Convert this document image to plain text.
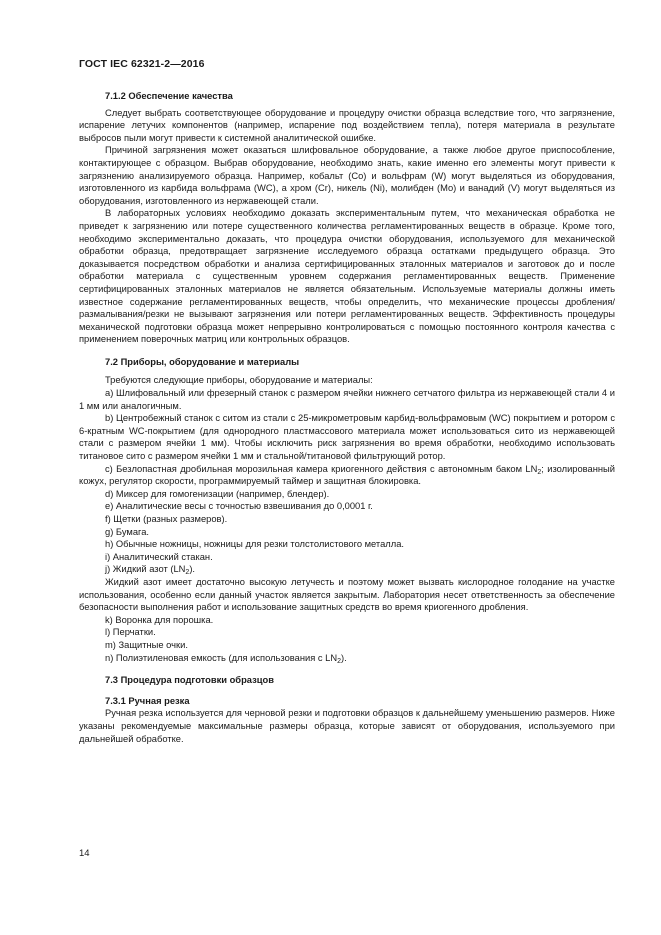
ГОСТ IEC 62321-2—2016

7.1.2 Обеспечение качества

Следует выбрать соответствующее оборудование и процедуру очистки образца вследствие того, что загрязнение, испарение летучих компонентов (например, испарение под воздействием тепла), потеря материала в результате выбросов пыли могут привести к системной аналитической ошибке.

Причиной загрязнения может оказаться шлифовальное оборудование, а также любое другое приспособление, контактирующее с образцом. Выбрав оборудование, необходимо знать, какие именно его элементы могут привести к загрязнению анализируемого образца. Например, кобальт (Co) и вольфрам (W) могут выделяться из оборудования, изготовленного из карбида вольфрама (WC), а хром (Cr), никель (Ni), молибден (Mo) и ванадий (V) могут выделяться из оборудования, изготовленного из нержавеющей стали.

В лабораторных условиях необходимо доказать экспериментальным путем, что механическая обработка не приведет к загрязнению или потере существенного количества регламентированных веществ в образце. Кроме того, необходимо экспериментально доказать, что процедура очистки оборудования, используемого для механической обработки образца, предотвращает загрязнение исследуемого образца остатками предыдущего образца. Это доказывается посредством обработки и анализа сертифицированных эталонных материалов и заготовок до и после обработки материала с существенным уровнем содержания регламентированных веществ. Применение сертифицированных эталонных материалов не является обязательным. Используемые материалы должны иметь известное содержание регламентированных веществ, чтобы определить, что механические процессы дробления/размалывания/резки не вызывают загрязнения или потери регламентированных веществ. Эффективность процедуры механической подготовки образца может непрерывно контролироваться с помощью постоянного контроля качества с применением поверочных матриц или контрольных образцов.

7.2 Приборы, оборудование и материалы

Требуются следующие приборы, оборудование и материалы:

а) Шлифовальный или фрезерный станок с размером ячейки нижнего сетчатого фильтра из нержавеющей стали 4 и 1 мм или аналогичным.

b) Центробежный станок с ситом из стали с 25-микрометровым карбид-вольфрамовым (WC) покрытием и ротором с 6-кратным WC-покрытием (для однородного пластмассового материала может использоваться сито из нержавеющей стали с размером ячейки 1 мм). Чтобы исключить риск загрязнения во время обработки, необходимо использовать титановое сито с размером ячейки 1 мм и стальной/титановой фильтрующий ротор.

с) Безлопастная дробильная морозильная камера криогенного действия с автономным баком $LN_2$; изолированный кожух, регулятор скорости, программируемый таймер и защитная блокировка.

d) Миксер для гомогенизации (например, блендер).

е) Аналитические весы с точностью взвешивания до 0,0001 г.

f) Щетки (разных размеров).

g) Бумага.

h) Обычные ножницы, ножницы для резки толстолистового металла.

i) Аналитический стакан.

j) Жидкий азот $(LN_2)$.

Жидкий азот имеет достаточно высокую летучесть и поэтому может вызвать кислородное голодание на участке использования, особенно если данный участок является закрытым. Лаборатория несет ответственность за обеспечение безопасности выполнения работ и использование защитных средств во время криогенного дробления.

k) Воронка для порошка.

l) Перчатки.

m) Защитные очки.

n) Полиэтиленовая емкость (для использования с $LN_2$).

7.3 Процедура подготовки образцов

7.3.1 Ручная резка

Ручная резка используется для черновой резки и подготовки образцов к дальнейшему уменьшению размеров. Ниже указаны рекомендуемые максимальные размеры образца, которые зависят от оборудования, используемого при дальнейшей обработке.

14
